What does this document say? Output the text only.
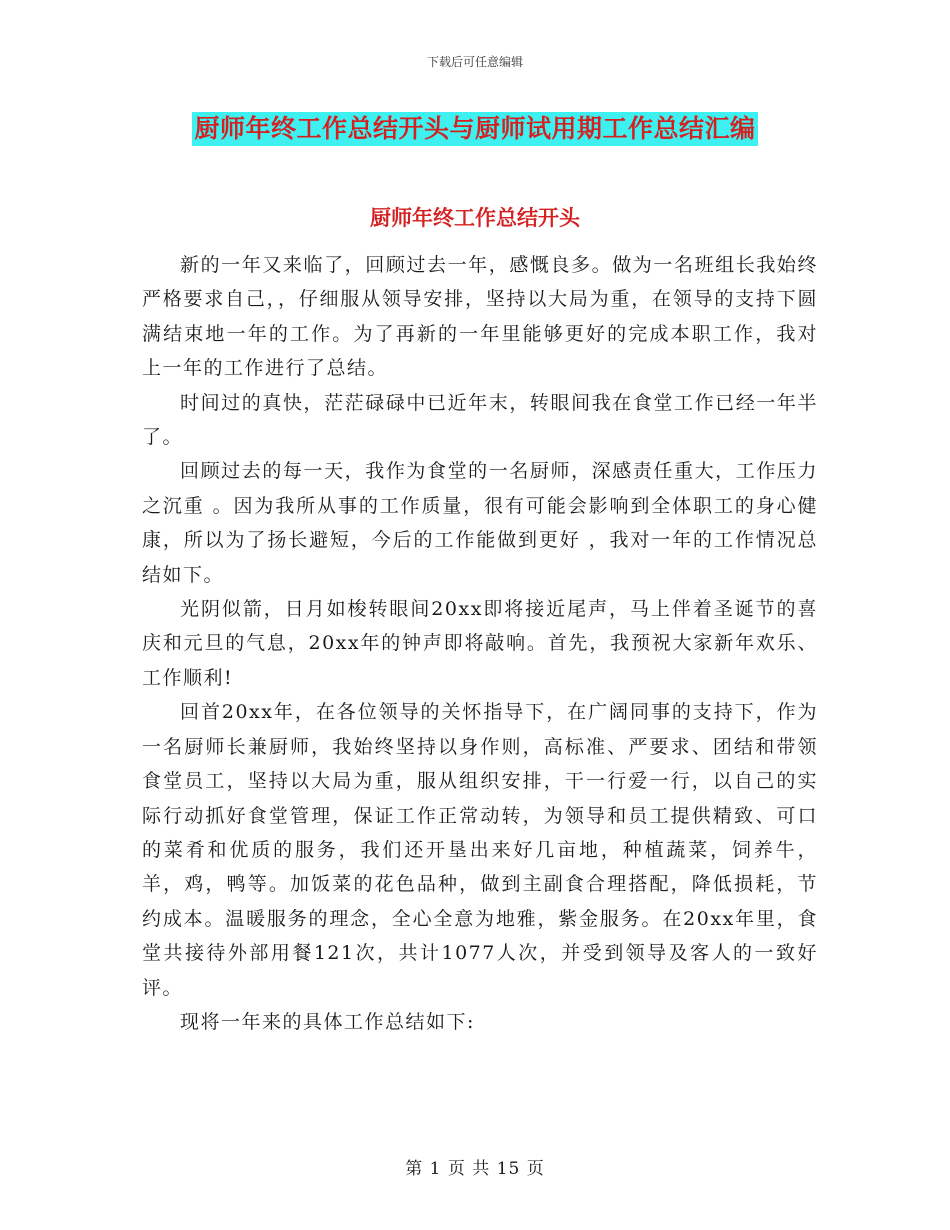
下载后可任意编辑
厨师年终工作总结开头与厨师试用期工作总结汇编
厨师年终工作总结开头

新的一年又来临了，回顾过去一年，感慨良多。做为一名班组长我始终严格要求自己，，仔细服从领导安排，坚持以大局为重，在领导的支持下圆满结束地一年的工作。为了再新的一年里能够更好的完成本职工作，我对上一年的工作进行了总结。

时间过的真快，茫茫碌碌中已近年末，转眼间我在食堂工作已经一年半了。

回顾过去的每一天，我作为食堂的一名厨师，深感责任重大，工作压力之沉重 。因为我所从事的工作质量，很有可能会影响到全体职工的身心健康，所以为了扬长避短，今后的工作能做到更好 ，我对一年的工作情况总结如下。

光阴似箭，日月如梭转眼间20xx即将接近尾声，马上伴着圣诞节的喜庆和元旦的气息，20xx年的钟声即将敲响。首先，我预祝大家新年欢乐、工作顺利!

回首20xx年，在各位领导的关怀指导下，在广阔同事的支持下，作为一名厨师长兼厨师，我始终坚持以身作则，高标准、严要求、团结和带领食堂员工，坚持以大局为重，服从组织安排，干一行爱一行，以自己的实际行动抓好食堂管理，保证工作正常动转，为领导和员工提供精致、可口的菜肴和优质的服务，我们还开垦出来好几亩地，种植蔬菜，饲养牛，羊，鸡，鸭等。加饭菜的花色品种，做到主副食合理搭配，降低损耗，节约成本。温暖服务的理念，全心全意为地雅，紫金服务。在20xx年里，食堂共接待外部用餐121次，共计1077人次，并受到领导及客人的一致好评。

现将一年来的具体工作总结如下:

第 1 页 共 15 页
